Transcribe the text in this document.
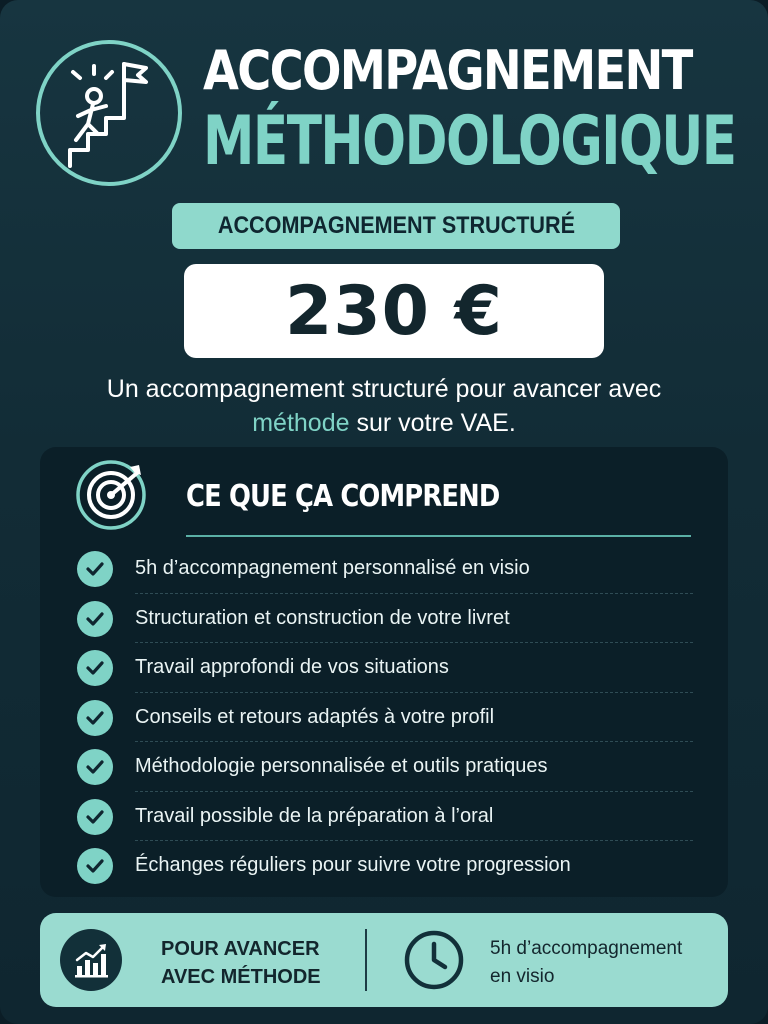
ACCOMPAGNEMENT
MÉTHODOLOGIQUE
ACCOMPAGNEMENT STRUCTURÉ
230 €
Un accompagnement structuré pour avancer avec méthode sur votre VAE.
CE QUE ÇA COMPREND
5h d’accompagnement personnalisé en visio
Structuration et construction de votre livret
Travail approfondi de vos situations
Conseils et retours adaptés à votre profil
Méthodologie personnalisée et outils pratiques
Travail possible de la préparation à l’oral
Échanges réguliers pour suivre votre progression
POUR AVANCER
AVEC MÉTHODE
5h d’accompagnement
en visio
